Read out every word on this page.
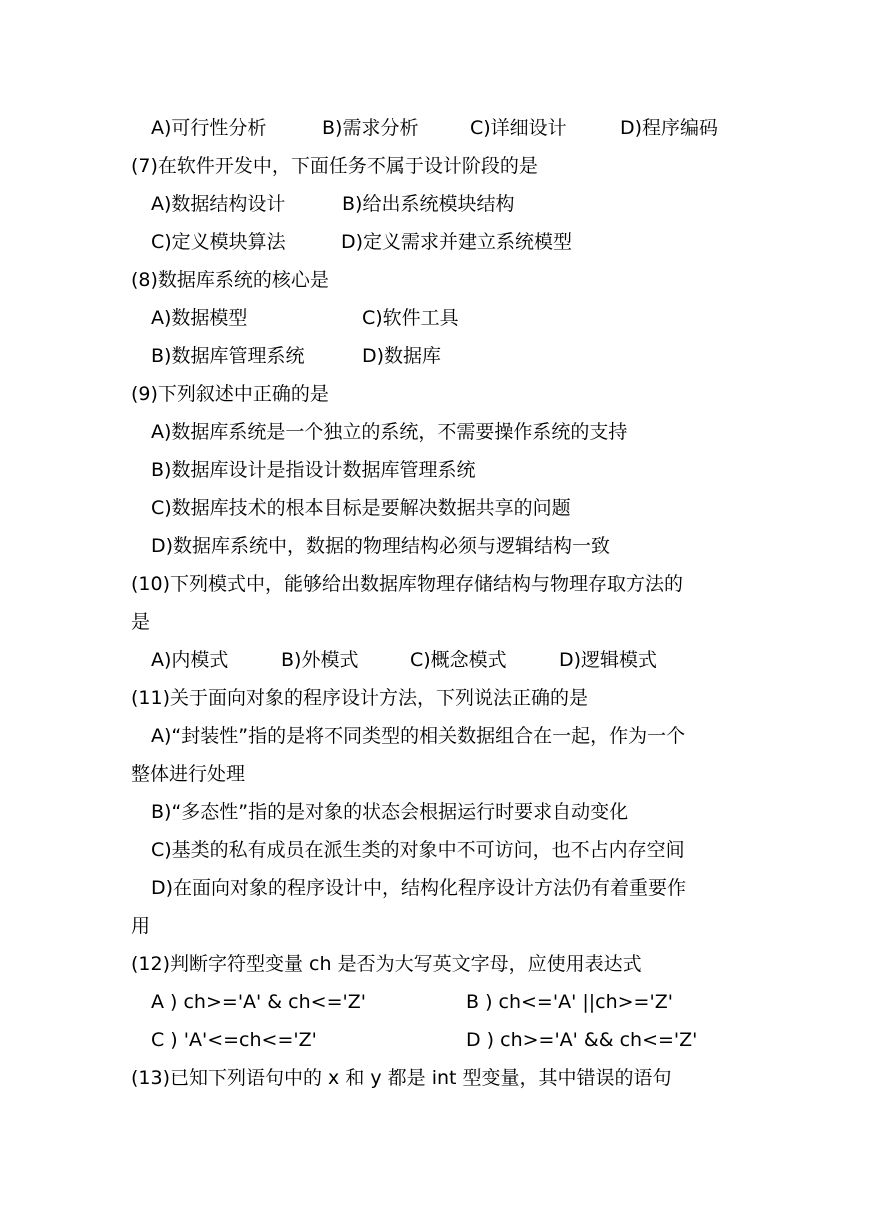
A)可行性分析	B)需求分析	C)详细设计	D)程序编码
(7)在软件开发中，下面任务不属于设计阶段的是
A)数据结构设计	B)给出系统模块结构
C)定义模块算法	D)定义需求并建立系统模型
(8)数据库系统的核心是
A)数据模型	C)软件工具
B)数据库管理系统	D)数据库
(9)下列叙述中正确的是
A)数据库系统是一个独立的系统，不需要操作系统的支持
B)数据库设计是指设计数据库管理系统
C)数据库技术的根本目标是要解决数据共享的问题
D)数据库系统中，数据的物理结构必须与逻辑结构一致
(10)下列模式中，能够给出数据库物理存储结构与物理存取方法的
是
A)内模式	B)外模式	C)概念模式	D)逻辑模式
(11)关于面向对象的程序设计方法，下列说法正确的是
A)“封装性”指的是将不同类型的相关数据组合在一起，作为一个
整体进行处理
B)“多态性”指的是对象的状态会根据运行时要求自动变化
C)基类的私有成员在派生类的对象中不可访问，也不占内存空间
D)在面向对象的程序设计中，结构化程序设计方法仍有着重要作
用
(12)判断字符型变量 ch 是否为大写英文字母，应使用表达式
A ) ch>='A' & ch<='Z'	B ) ch<='A' ||ch>='Z'
C ) 'A'<=ch<='Z'	D ) ch>='A' && ch<='Z'
(13)已知下列语句中的 x 和 y 都是 int 型变量，其中错误的语句
